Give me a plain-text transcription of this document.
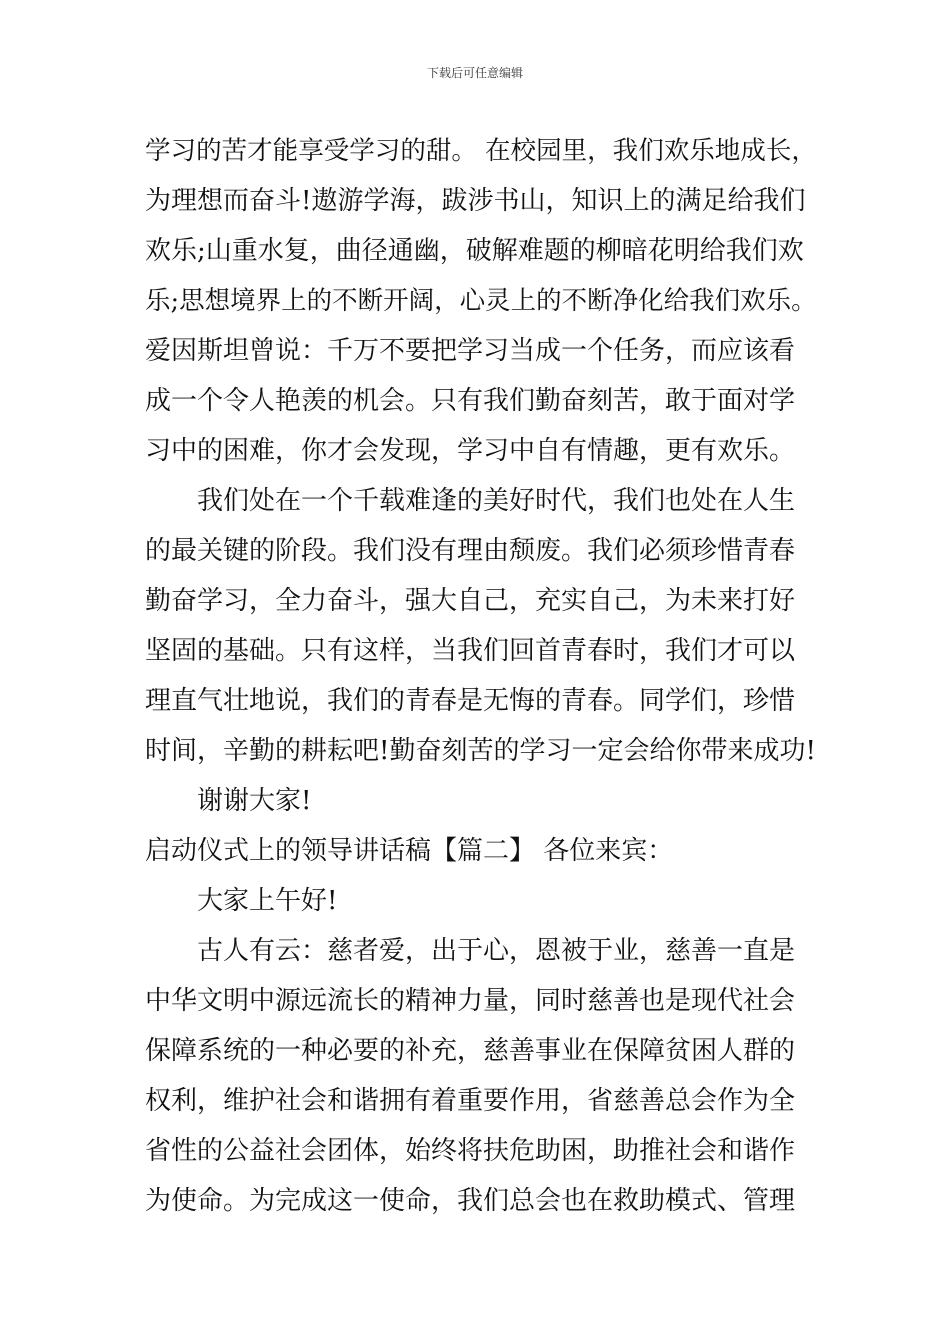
下载后可任意编辑
学习的苦才能享受学习的甜。 在校园里，我们欢乐地成长，
为理想而奋斗!遨游学海，跋涉书山，知识上的满足给我们
欢乐;山重水复，曲径通幽，破解难题的柳暗花明给我们欢
乐;思想境界上的不断开阔，心灵上的不断净化给我们欢乐。
爱因斯坦曾说：千万不要把学习当成一个任务，而应该看
成一个令人艳羡的机会。只有我们勤奋刻苦，敢于面对学
习中的困难，你才会发现，学习中自有情趣，更有欢乐。
我们处在一个千载难逢的美好时代，我们也处在人生
的最关键的阶段。我们没有理由颓废。我们必须珍惜青春
勤奋学习，全力奋斗，强大自己，充实自己，为未来打好
坚固的基础。只有这样，当我们回首青春时，我们才可以
理直气壮地说，我们的青春是无悔的青春。同学们，珍惜
时间，辛勤的耕耘吧!勤奋刻苦的学习一定会给你带来成功!
谢谢大家!
启动仪式上的领导讲话稿【篇二】 各位来宾：
大家上午好!
古人有云：慈者爱，出于心，恩被于业，慈善一直是
中华文明中源远流长的精神力量，同时慈善也是现代社会
保障系统的一种必要的补充，慈善事业在保障贫困人群的
权利，维护社会和谐拥有着重要作用，省慈善总会作为全
省性的公益社会团体，始终将扶危助困，助推社会和谐作
为使命。为完成这一使命，我们总会也在救助模式、管理
